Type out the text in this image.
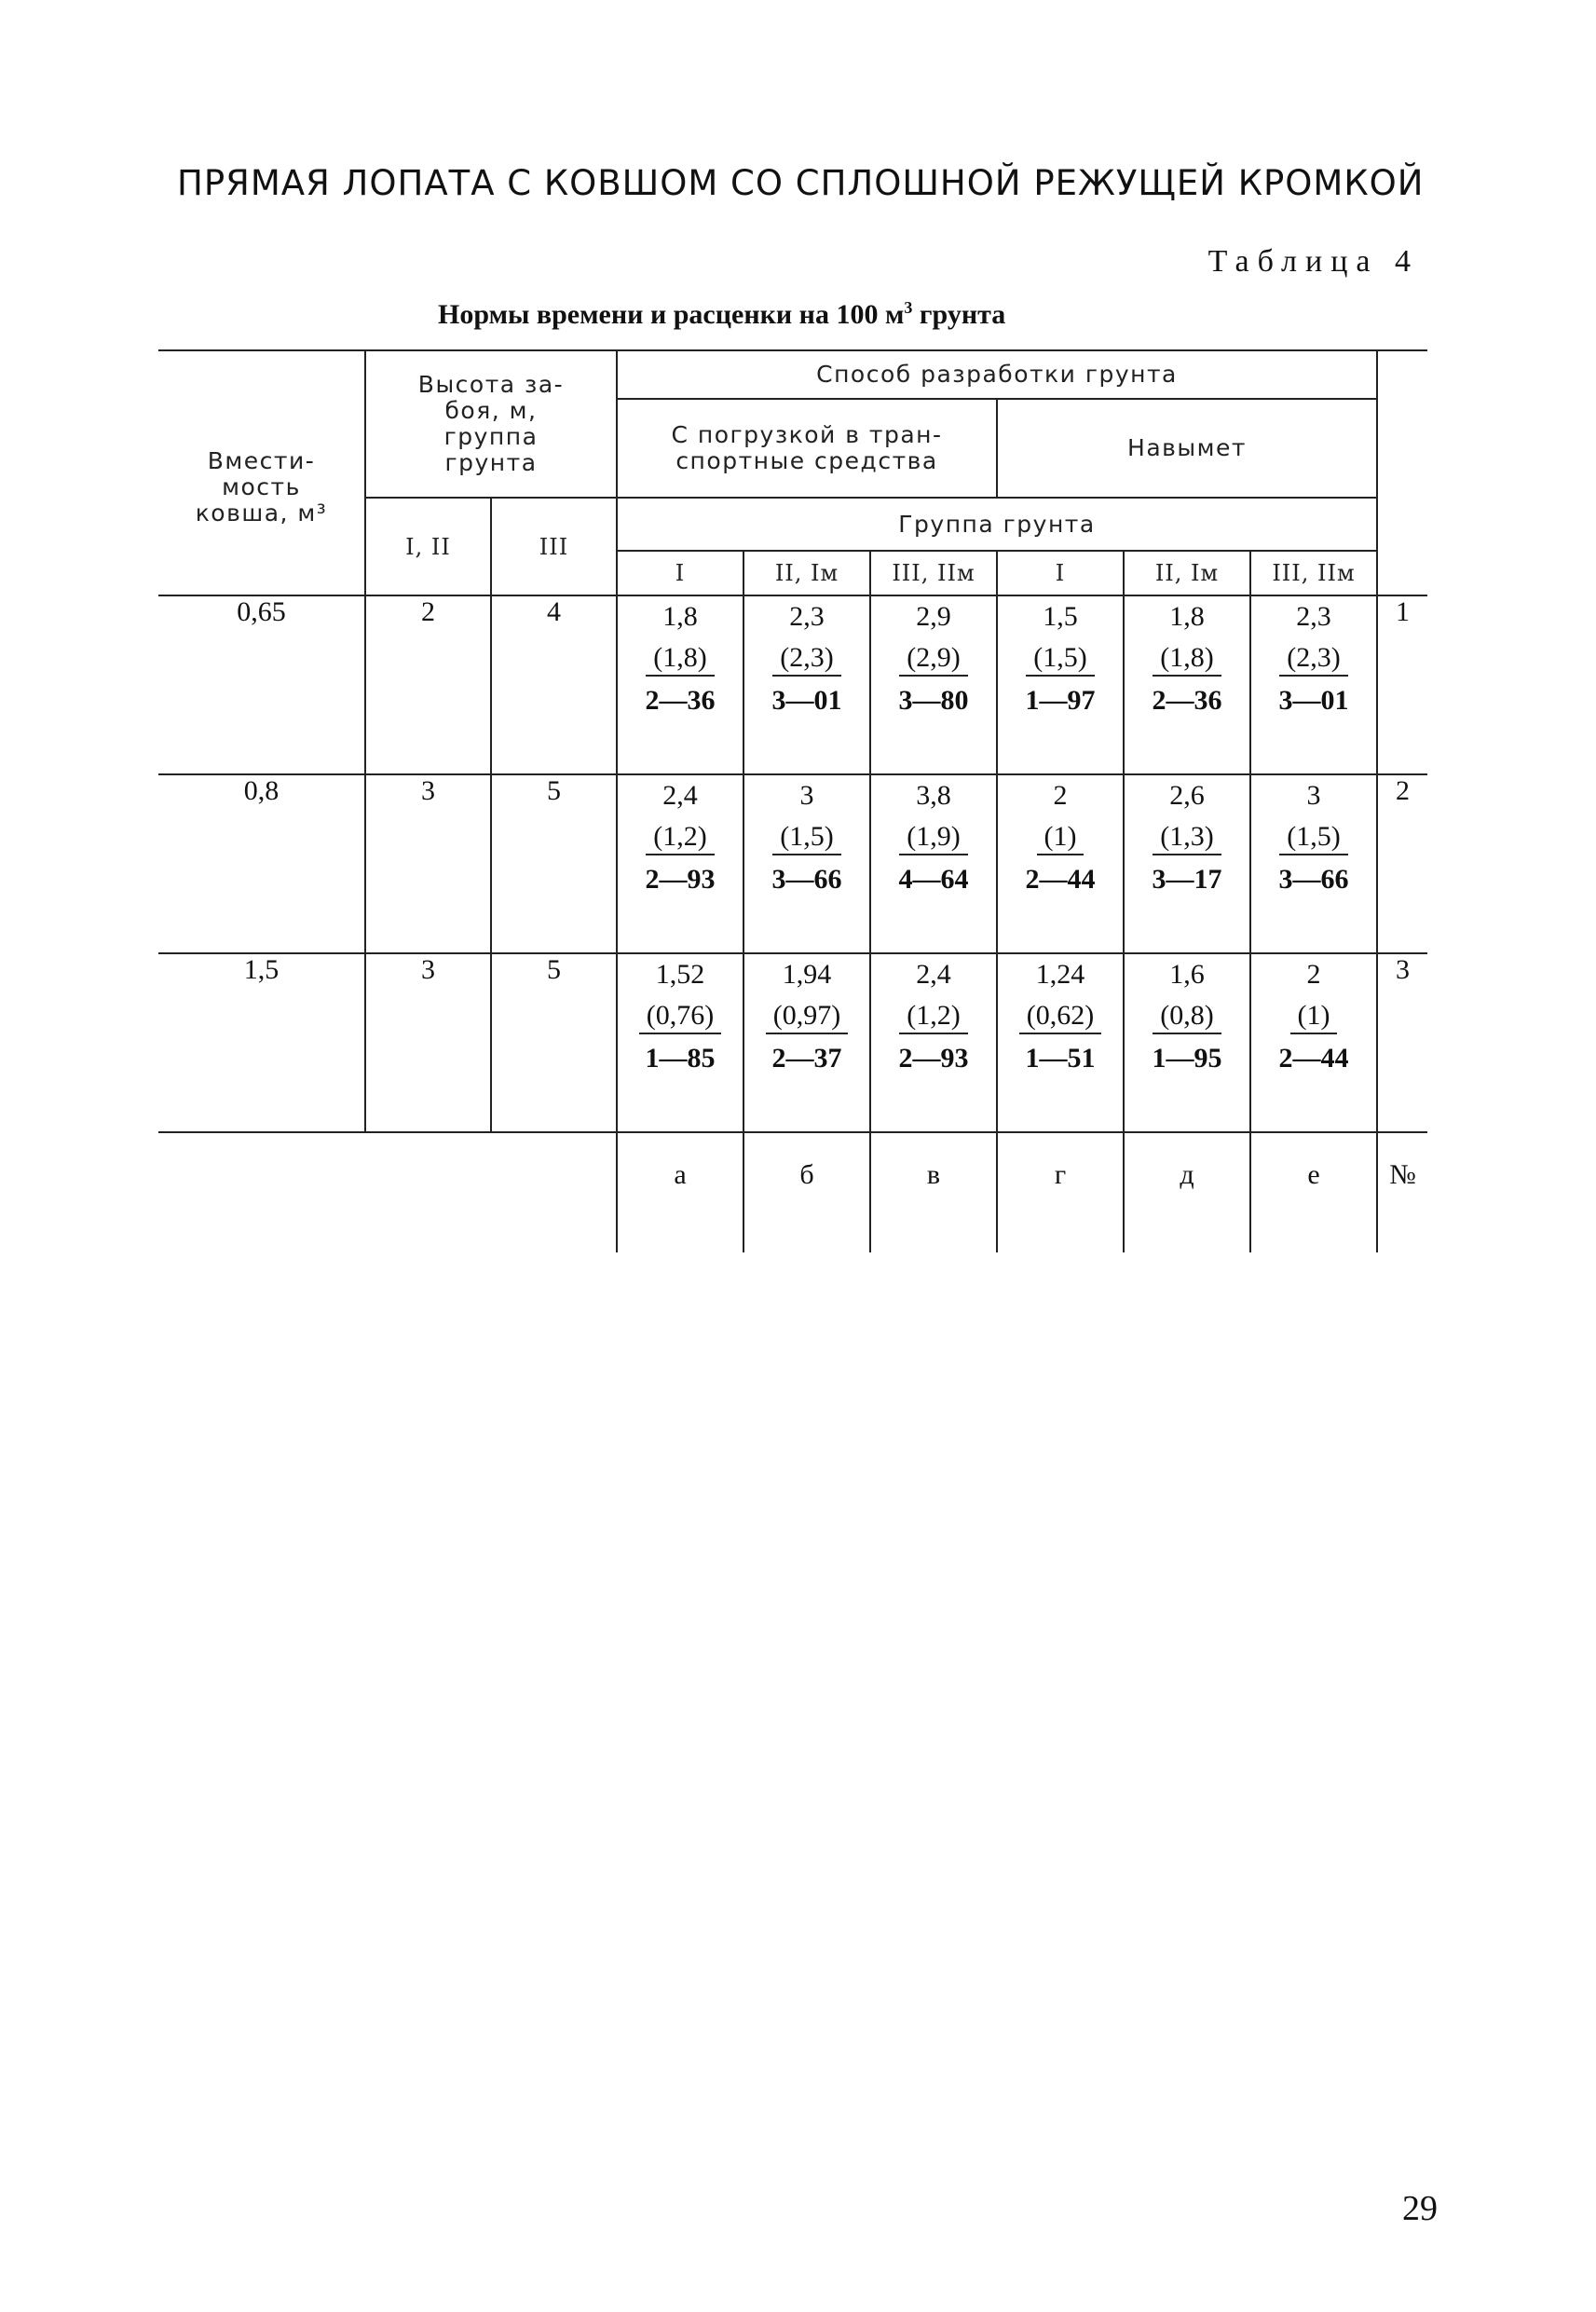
ПРЯМАЯ ЛОПАТА С КОВШОМ СО СПЛОШНОЙ РЕЖУЩЕЙ КРОМКОЙ
Таблица 4
Нормы времени и расценки на 100 $м^3$ грунта
Вмести-мость ковша, м³	Высота за-боя, м, группа грунта		Способ разработки грунта						
			С погрузкой в тран-спортные средства			Навымет			
	I, II	III	Группа грунта						
			I	II, Iм	III, IIм	I	II, Iм	III, IIм	
0,65	2	4	1,8
(1,8)
2—36	2,3
(2,3)
3—01	2,9
(2,9)
3—80	1,5
(1,5)
1—97	1,8
(1,8)
2—36	2,3
(2,3)
3—01	1
0,8	3	5	2,4
(1,2)
2—93	3
(1,5)
3—66	3,8
(1,9)
4—64	2
(1)
2—44	2,6
(1,3)
3—17	3
(1,5)
3—66	2
1,5	3	5	1,52
(0,76)
1—85	1,94
(0,97)
2—37	2,4
(1,2)
2—93	1,24
(0,62)
1—51	1,6
(0,8)
1—95	2
(1)
2—44	3
			а	б	в	г	д	е	№
29
